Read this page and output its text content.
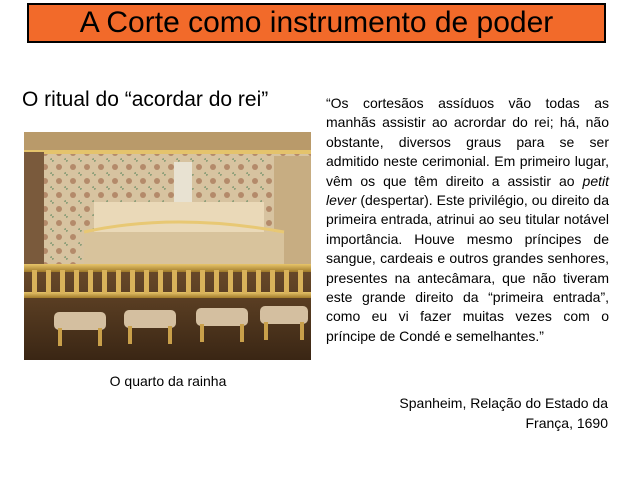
A Corte como instrumento de poder
O ritual do “acordar do rei”
O quarto da rainha
“Os cortesãos assíduos vão todas as manhãs assistir ao acrordar do rei; há, não obstante, diversos graus para se ser admitido neste cerimonial. Em primeiro lugar, vêm os que têm direito a assistir ao petit lever (despertar). Este privilégio, ou direito da primeira entrada, atrinui ao seu titular notável importância. Houve mesmo príncipes de sangue, cardeais e outros grandes senhores, presentes na antecâmara, que não tiveram este grande direito da “primeira entrada”, como eu vi fazer muitas vezes com o príncipe de Condé e semelhantes.”
Spanheim, Relação do Estado da
França, 1690
